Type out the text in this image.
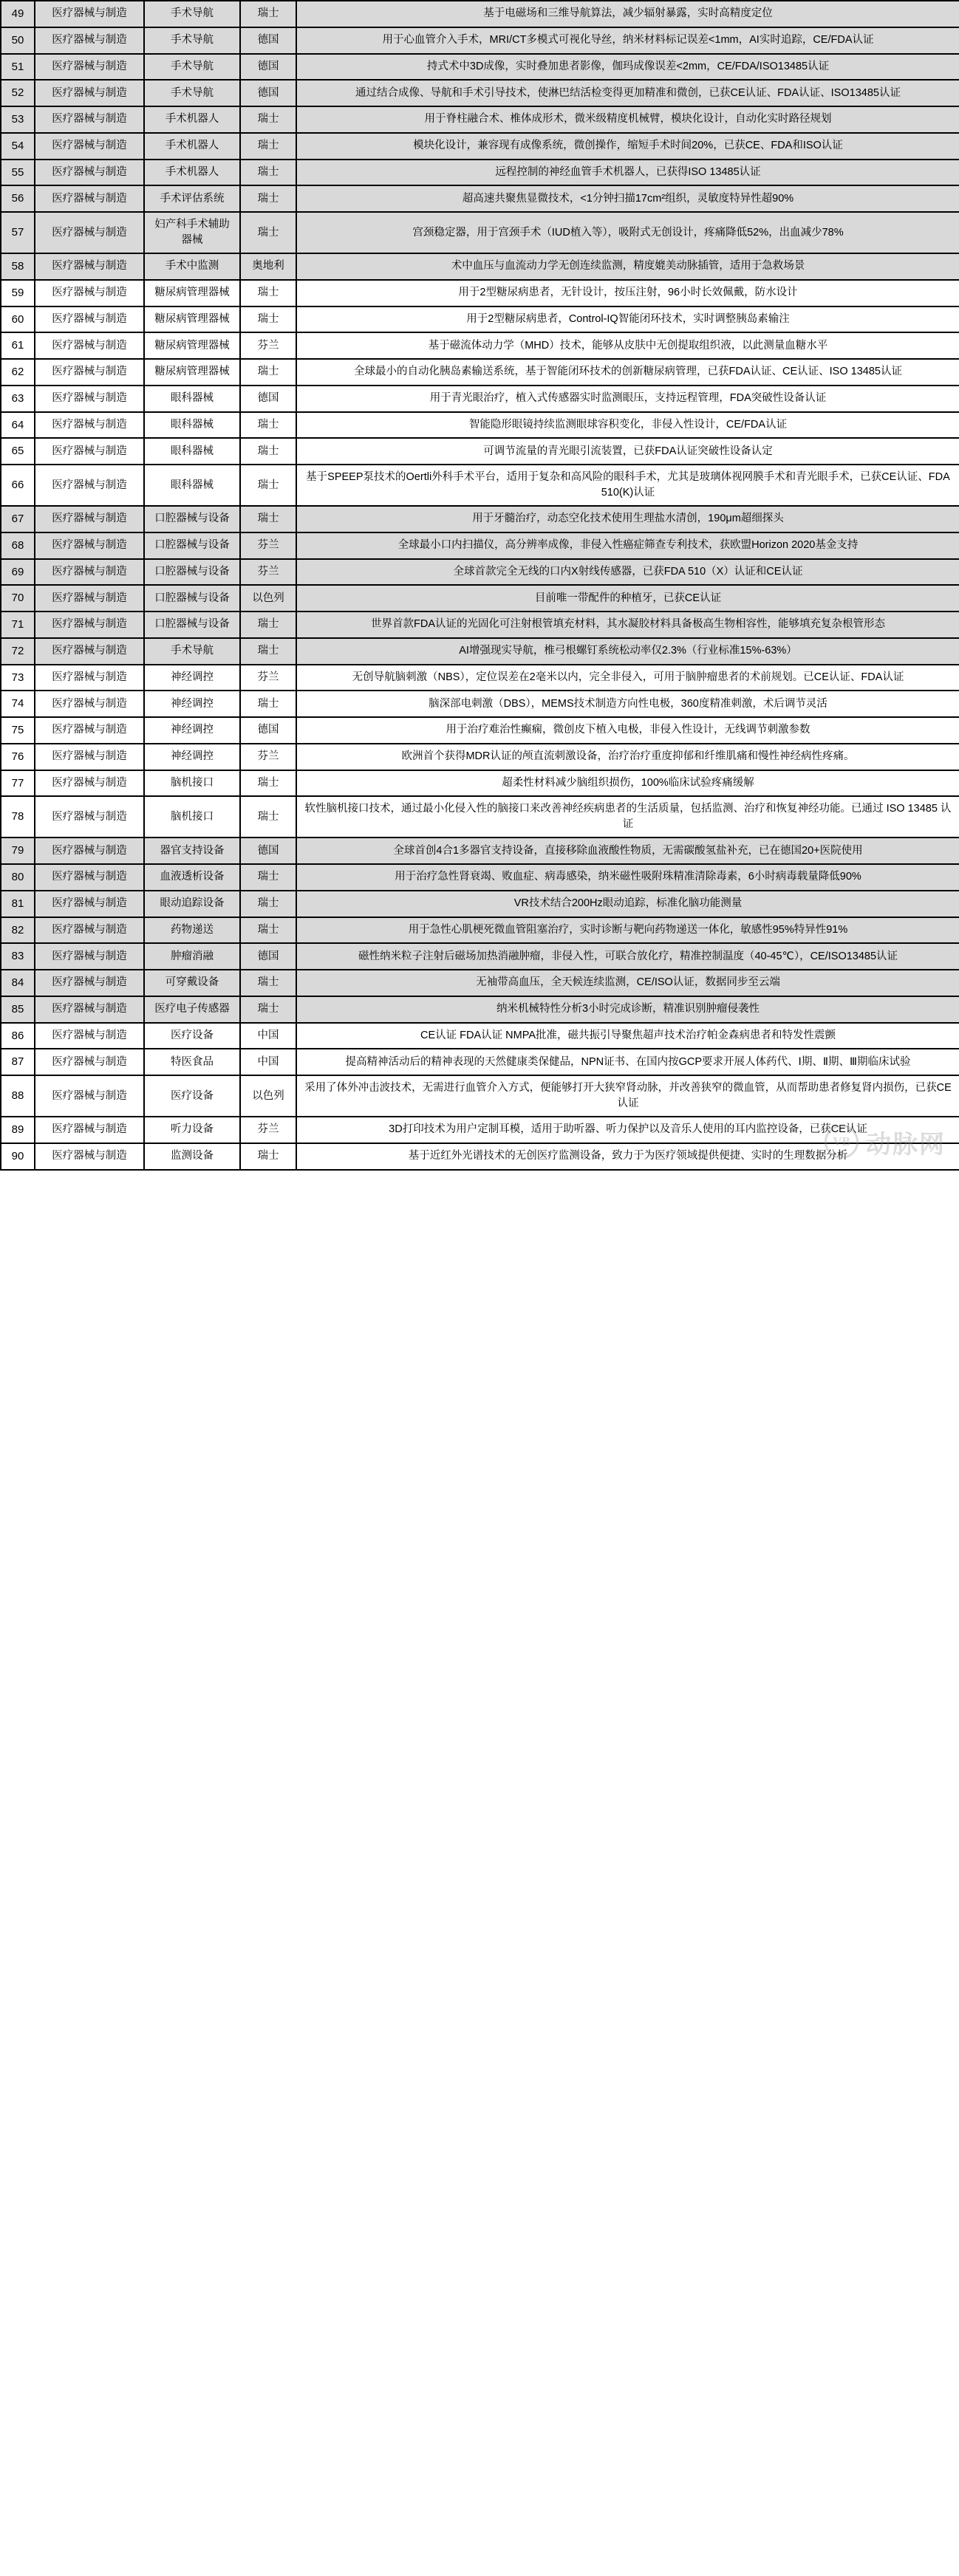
49	医疗器械与制造	手术导航	瑞士	基于电磁场和三维导航算法，减少辐射暴露，实时高精度定位
50	医疗器械与制造	手术导航	德国	用于心血管介入手术，MRI/CT多模式可视化导丝，纳米材料标记误差<1mm，AI实时追踪，CE/FDA认证
51	医疗器械与制造	手术导航	德国	持式术中3D成像，实时叠加患者影像，伽玛成像误差<2mm，CE/FDA/ISO13485认证
52	医疗器械与制造	手术导航	德国	通过结合成像、导航和手术引导技术，使淋巴结活检变得更加精准和微创，已获CE认证、FDA认证、ISO13485认证
53	医疗器械与制造	手术机器人	瑞士	用于脊柱融合术、椎体成形术，微米级精度机械臂，模块化设计，自动化实时路径规划
54	医疗器械与制造	手术机器人	瑞士	模块化设计，兼容现有成像系统，微创操作，缩短手术时间20%，已获CE、FDA和ISO认证
55	医疗器械与制造	手术机器人	瑞士	远程控制的神经血管手术机器人，已获得ISO 13485认证
56	医疗器械与制造	手术评估系统	瑞士	超高速共聚焦显微技术，<1分钟扫描17cm²组织，灵敏度特异性超90%
57	医疗器械与制造	妇产科手术辅助器械	瑞士	宫颈稳定器，用于宫颈手术（IUD植入等），吸附式无创设计，疼痛降低52%，出血减少78%
58	医疗器械与制造	手术中监测	奥地利	术中血压与血流动力学无创连续监测，精度媲美动脉插管，适用于急救场景
59	医疗器械与制造	糖尿病管理器械	瑞士	用于2型糖尿病患者，无针设计，按压注射，96小时长效佩戴，防水设计
60	医疗器械与制造	糖尿病管理器械	瑞士	用于2型糖尿病患者，Control-IQ智能闭环技术，实时调整胰岛素输注
61	医疗器械与制造	糖尿病管理器械	芬兰	基于磁流体动力学（MHD）技术，能够从皮肤中无创提取组织液，以此测量血糖水平
62	医疗器械与制造	糖尿病管理器械	瑞士	全球最小的自动化胰岛素输送系统，基于智能闭环技术的创新糖尿病管理，已获FDA认证、CE认证、ISO 13485认证
63	医疗器械与制造	眼科器械	德国	用于青光眼治疗，植入式传感器实时监测眼压，支持远程管理，FDA突破性设备认证
64	医疗器械与制造	眼科器械	瑞士	智能隐形眼镜持续监测眼球容积变化，非侵入性设计，CE/FDA认证
65	医疗器械与制造	眼科器械	瑞士	可调节流量的青光眼引流装置，已获FDA认证突破性设备认定
66	医疗器械与制造	眼科器械	瑞士	基于SPEEP泵技术的Oertli外科手术平台，适用于复杂和高风险的眼科手术，尤其是玻璃体视网膜手术和青光眼手术，已获CE认证、FDA 510(K)认证
67	医疗器械与制造	口腔器械与设备	瑞士	用于牙髓治疗，动态空化技术使用生理盐水清创，190μm超细探头
68	医疗器械与制造	口腔器械与设备	芬兰	全球最小口内扫描仪，高分辨率成像，非侵入性癌症筛查专利技术，获欧盟Horizon 2020基金支持
69	医疗器械与制造	口腔器械与设备	芬兰	全球首款完全无线的口内X射线传感器，已获FDA 510（X）认证和CE认证
70	医疗器械与制造	口腔器械与设备	以色列	目前唯一带配件的种植牙，已获CE认证
71	医疗器械与制造	口腔器械与设备	瑞士	世界首款FDA认证的光固化可注射根管填充材料，其水凝胶材料具备极高生物相容性，能够填充复杂根管形态
72	医疗器械与制造	手术导航	瑞士	AI增强现实导航，椎弓根螺钉系统松动率仅2.3%（行业标准15%-63%）
73	医疗器械与制造	神经调控	芬兰	无创导航脑刺激（NBS），定位误差在2毫米以内，完全非侵入，可用于脑肿瘤患者的术前规划。已CE认证、FDA认证
74	医疗器械与制造	神经调控	瑞士	脑深部电刺激（DBS），MEMS技术制造方向性电极，360度精准刺激，术后调节灵活
75	医疗器械与制造	神经调控	德国	用于治疗难治性癫痫，微创皮下植入电极，非侵入性设计，无线调节刺激参数
76	医疗器械与制造	神经调控	芬兰	欧洲首个获得MDR认证的颅直流刺激设备，治疗治疗重度抑郁和纤维肌痛和慢性神经病性疼痛。
77	医疗器械与制造	脑机接口	瑞士	超柔性材料减少脑组织损伤，100%临床试验疼痛缓解
78	医疗器械与制造	脑机接口	瑞士	软性脑机接口技术，通过最小化侵入性的脑接口来改善神经疾病患者的生活质量，包括监测、治疗和恢复神经功能。已通过 ISO 13485 认证
79	医疗器械与制造	器官支持设备	德国	全球首创4合1多器官支持设备，直接移除血液酸性物质，无需碳酸氢盐补充，已在德国20+医院使用
80	医疗器械与制造	血液透析设备	瑞士	用于治疗急性肾衰竭、败血症、病毒感染，纳米磁性吸附珠精准清除毒素，6小时病毒载量降低90%
81	医疗器械与制造	眼动追踪设备	瑞士	VR技术结合200Hz眼动追踪，标准化脑功能测量
82	医疗器械与制造	药物递送	瑞士	用于急性心肌梗死微血管阻塞治疗，实时诊断与靶向药物递送一体化，敏感性95%特异性91%
83	医疗器械与制造	肿瘤消融	德国	磁性纳米粒子注射后磁场加热消融肿瘤，非侵入性，可联合放化疗，精准控制温度（40-45℃），CE/ISO13485认证
84	医疗器械与制造	可穿戴设备	瑞士	无袖带高血压，全天候连续监测，CE/ISO认证，数据同步至云端
85	医疗器械与制造	医疗电子传感器	瑞士	纳米机械特性分析3小时完成诊断，精准识别肿瘤侵袭性
86	医疗器械与制造	医疗设备	中国	CE认证 FDA认证 NMPA批准，磁共振引导聚焦超声技术治疗帕金森病患者和特发性震颤
87	医疗器械与制造	特医食品	中国	提高精神活动后的精神表现的天然健康类保健品，NPN证书、在国内按GCP要求开展人体药代、Ⅰ期、Ⅱ期、Ⅲ期临床试验
88	医疗器械与制造	医疗设备	以色列	采用了体外冲击波技术，无需进行血管介入方式，便能够打开大狭窄肾动脉，并改善狭窄的微血管，从而帮助患者修复肾内损伤，已获CE认证
89	医疗器械与制造	听力设备	芬兰	3D打印技术为用户定制耳模，适用于助听器、听力保护以及音乐人使用的耳内监控设备，已获CE认证
90	医疗器械与制造	监测设备	瑞士	基于近红外光谱技术的无创医疗监测设备，致力于为医疗领域提供便捷、实时的生理数据分析
VB 动脉网
